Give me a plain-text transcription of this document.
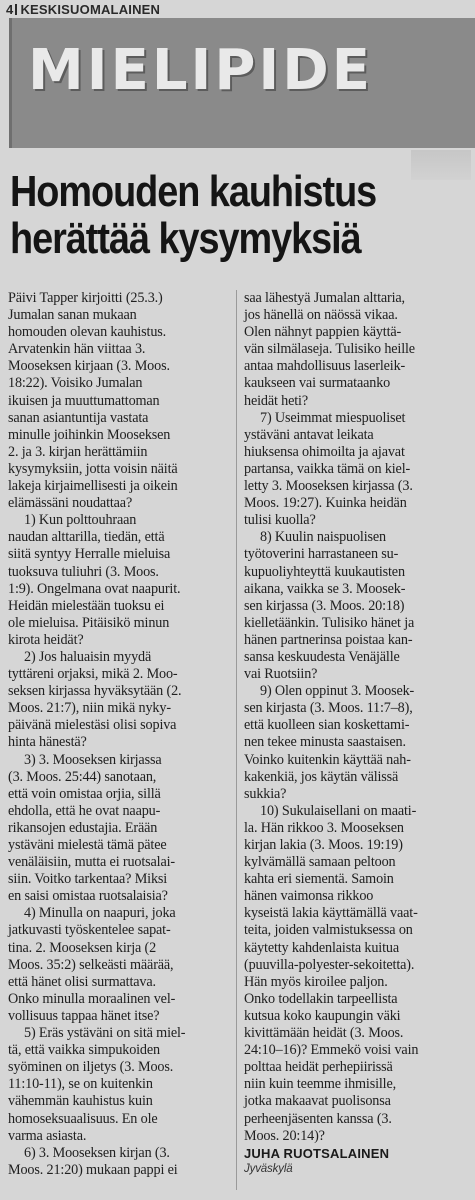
4 KESKISUOMALAINEN
MIELIPIDE
Homouden kauhistus
herättää kysymyksiä
Päivi Tapper kirjoitti (25.3.)
Jumalan sanan mukaan
homouden olevan kauhistus.
Arvatenkin hän viittaa 3.
Mooseksen kirjaan (3. Moos.
18:22). Voisiko Jumalan
ikuisen ja muuttumattoman
sanan asiantuntija vastata
minulle joihinkin Mooseksen
2. ja 3. kirjan herättämiin
kysymyksiin, jotta voisin näitä
lakeja kirjaimellisesti ja oikein
elämässäni noudattaa?
1) Kun polttouhraan
naudan alttarilla, tiedän, että
siitä syntyy Herralle mieluisa
tuoksuva tuliuhri (3. Moos.
1:9). Ongelmana ovat naapurit.
Heidän mielestään tuoksu ei
ole mieluisa. Pitäisikö minun
kirota heidät?
2) Jos haluaisin myydä
tyttäreni orjaksi, mikä 2. Moo-
seksen kirjassa hyväksytään (2.
Moos. 21:7), niin mikä nyky-
päivänä mielestäsi olisi sopiva
hinta hänestä?
3) 3. Mooseksen kirjassa
(3. Moos. 25:44) sanotaan,
että voin omistaa orjia, sillä
ehdolla, että he ovat naapu-
rikansojen edustajia. Erään
ystäväni mielestä tämä pätee
venäläisiin, mutta ei ruotsalai-
siin. Voitko tarkentaa? Miksi
en saisi omistaa ruotsalaisia?
4) Minulla on naapuri, joka
jatkuvasti työskentelee sapat-
tina. 2. Mooseksen kirja (2
Moos. 35:2) selkeästi määrää,
että hänet olisi surmattava.
Onko minulla moraalinen vel-
vollisuus tappaa hänet itse?
5) Eräs ystäväni on sitä miel-
tä, että vaikka simpukoiden
syöminen on iljetys (3. Moos.
11:10-11), se on kuitenkin
vähemmän kauhistus kuin
homoseksuaalisuus. En ole
varma asiasta.
6) 3. Mooseksen kirjan (3.
Moos. 21:20) mukaan pappi ei
saa lähestyä Jumalan alttaria,
jos hänellä on näössä vikaa.
Olen nähnyt pappien käyttä-
vän silmälaseja. Tulisiko heille
antaa mahdollisuus laserleik-
kaukseen vai surmataanko
heidät heti?
7) Useimmat miespuoliset
ystäväni antavat leikata
hiuksensa ohimoilta ja ajavat
partansa, vaikka tämä on kiel-
letty 3. Mooseksen kirjassa (3.
Moos. 19:27). Kuinka heidän
tulisi kuolla?
8) Kuulin naispuolisen
työtoverini harrastaneen su-
kupuoliyhteyttä kuukautisten
aikana, vaikka se 3. Moosek-
sen kirjassa (3. Moos. 20:18)
kielletäänkin. Tulisiko hänet ja
hänen partnerinsa poistaa kan-
sansa keskuudesta Venäjälle
vai Ruotsiin?
9) Olen oppinut 3. Moosek-
sen kirjasta (3. Moos. 11:7–8),
että kuolleen sian koskettami-
nen tekee minusta saastaisen.
Voinko kuitenkin käyttää nah-
kakenkiä, jos käytän välissä
sukkia?
10) Sukulaisellani on maati-
la. Hän rikkoo 3. Mooseksen
kirjan lakia (3. Moos. 19:19)
kylvämällä samaan peltoon
kahta eri siementä. Samoin
hänen vaimonsa rikkoo
kyseistä lakia käyttämällä vaat-
teita, joiden valmistuksessa on
käytetty kahdenlaista kuitua
(puuvilla-polyester-sekoitetta).
Hän myös kiroilee paljon.
Onko todellakin tarpeellista
kutsua koko kaupungin väki
kivittämään heidät (3. Moos.
24:10–16)? Emmekö voisi vain
polttaa heidät perhepiirissä
niin kuin teemme ihmisille,
jotka makaavat puolisonsa
perheenjäsenten kanssa (3.
Moos. 20:14)?
JUHA RUOTSALAINEN
Jyväskylä
